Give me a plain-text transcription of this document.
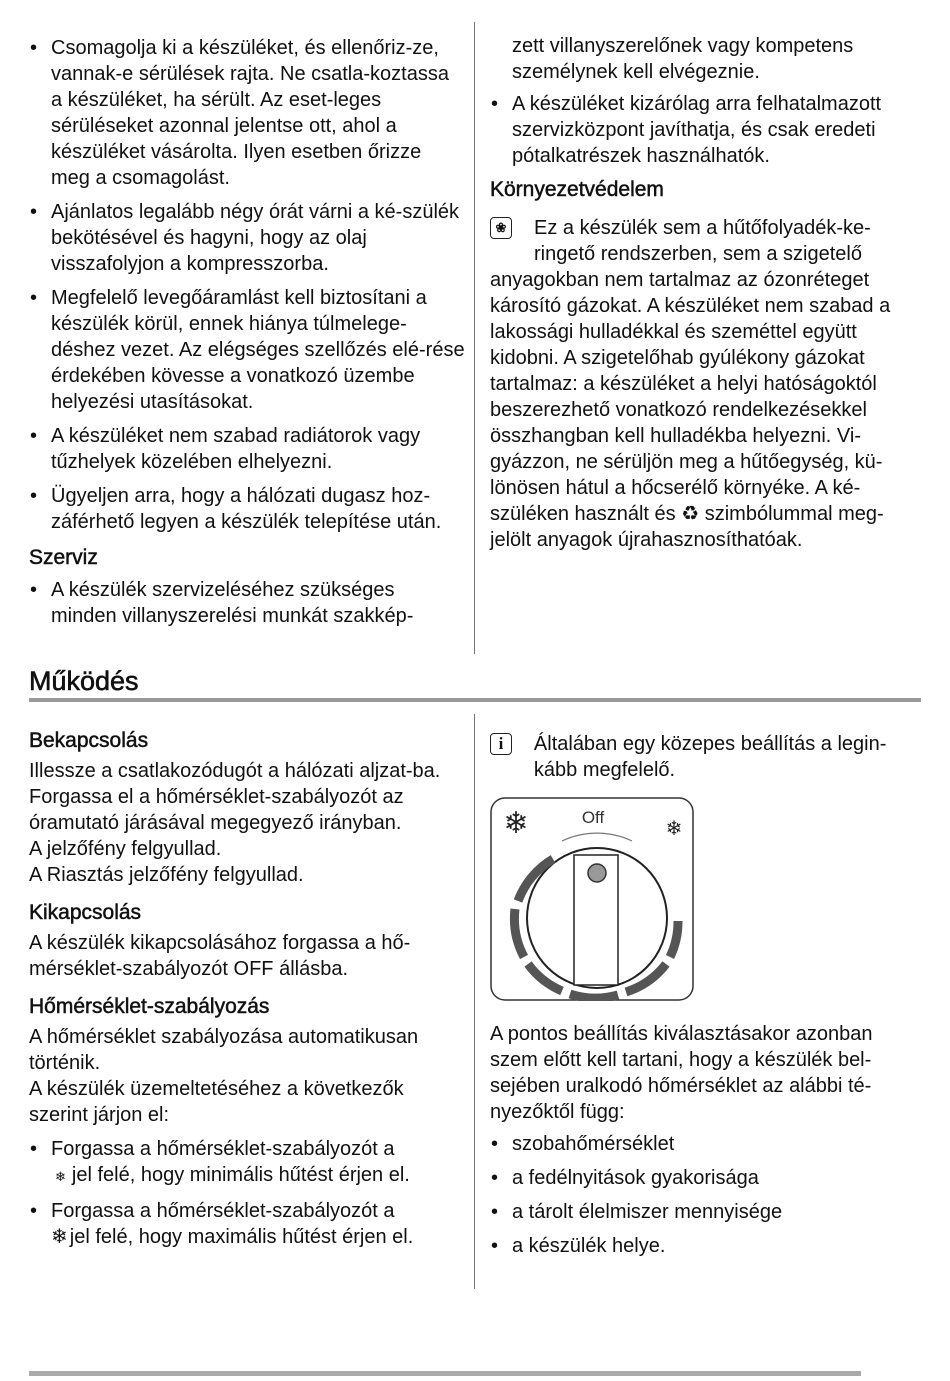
• Csomagolja ki a készüléket, és ellenőriz-ze, vannak-e sérülések rajta. Ne csatla-koztassa a készüléket, ha sérült. Az eset-leges sérüléseket azonnal jelentse ott, ahol a készüléket vásárolta. Ilyen esetben őrizze meg a csomagolást.
• Ajánlatos legalább négy órát várni a ké-szülék bekötésével és hagyni, hogy az olaj visszafolyjon a kompresszorba.
• Megfelelő levegőáramlást kell biztosítani a készülék körül, ennek hiánya túlmelege-déshez vezet. Az elégséges szellőzés elé-rése érdekében kövesse a vonatkozó üzembe helyezési utasításokat.
• A készüléket nem szabad radiátorok vagy tűzhelyek közelében elhelyezni.
• Ügyeljen arra, hogy a hálózati dugasz hoz-záférhető legyen a készülék telepítése után.
Szerviz
• A készülék szervizeléséhez szükséges minden villanyszerelési munkát szakkép-

zett villanyszerelőnek vagy kompetens személynek kell elvégeznie.

• A készüléket kizárólag arra felhatalmazott szervizközpont javíthatja, és csak eredeti pótalkatrészek használhatók.
Környezetvédelem
❀ Ez a készülék sem a hűtőfolyadék-ke-

ringető rendszerben, sem a szigetelő

anyagokban nem tartalmaz az ózonréteget károsító gázokat. A készüléket nem szabad a lakossági hulladékkal és szeméttel együtt kidobni. A szigetelőhab gyúlékony gázokat tartalmaz: a készüléket a helyi hatóságoktól beszerezhető vonatkozó rendelkezésekkel összhangban kell hulladékba helyezni. Vi-gyázzon, ne sérüljön meg a hűtőegység, kü-lönösen hátul a hőcserélő környéke. A ké-

szüléken használt és ♻ szimbólummal meg-

jelölt anyagok újrahasznosíthatóak.

Működés
Bekapcsolás

Illessze a csatlakozódugót a hálózati aljzat-ba.

Forgassa el a hőmérséklet-szabályozót az óramutató járásával megegyező irányban.

A jelzőfény felgyullad.

A Riasztás jelzőfény felgyullad.

Kikapcsolás

A készülék kikapcsolásához forgassa a hő-mérséklet-szabályozót OFF állásba.

Hőmérséklet-szabályozás

A hőmérséklet szabályozása automatikusan történik.

A készülék üzemeltetéséhez a következők szerint járjon el:

• Forgassa a hőmérséklet-szabályozót a
❄ jel felé, hogy minimális hűtést érjen el.
• Forgassa a hőmérséklet-szabályozót a
❄ jel felé, hogy maximális hűtést érjen el.
i	Általában egy közepes beállítás a legin-kább megfelelő.

Off
❄	❄

A pontos beállítás kiválasztásakor azonban szem előtt kell tartani, hogy a készülék bel-sejében uralkodó hőmérséklet az alábbi té-nyezőktől függ:

• szobahőmérséklet
• a fedélnyitások gyakorisága
• a tárolt élelmiszer mennyisége
• a készülék helye.
